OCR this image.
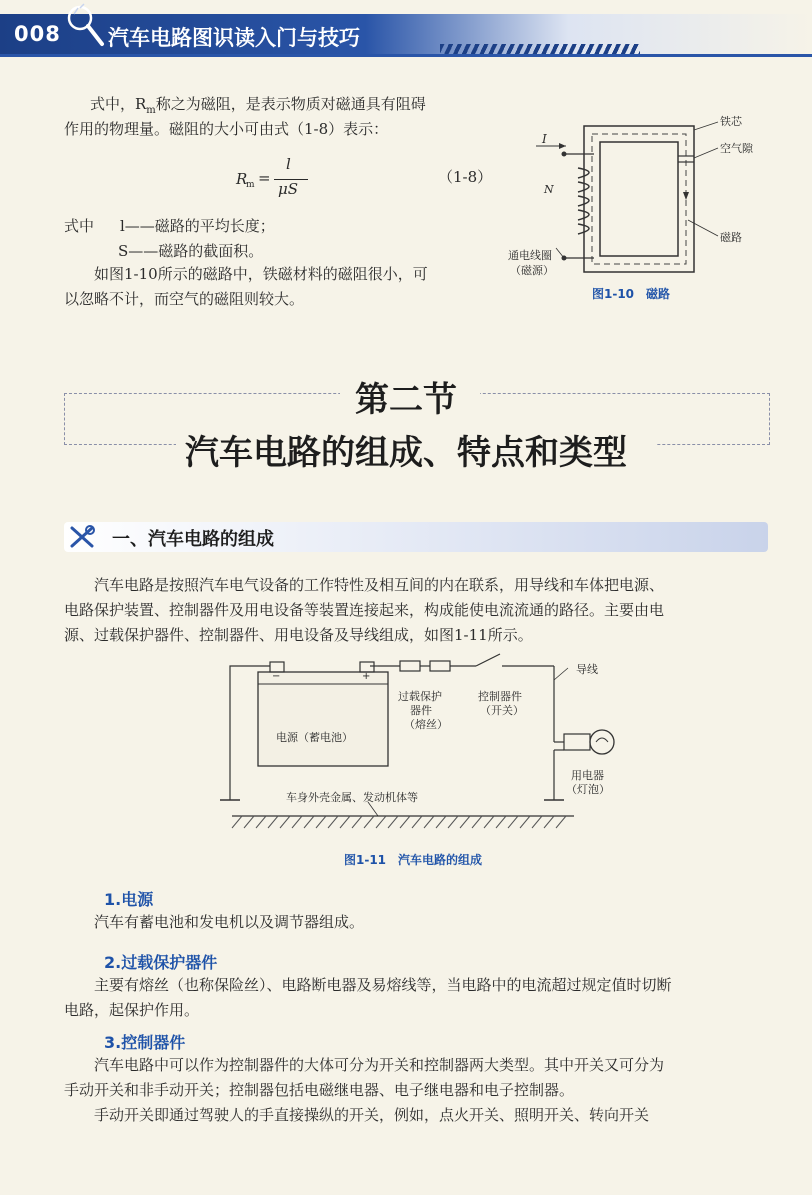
008 汽车电路图识读入门与技巧
式中，$R_m$称之为磁阻，是表示物质对磁通具有阻碍
作用的物理量。磁阻的大小可由式（1-8）表示：
R
m =
l
μS
（1-8）
式中 l——磁路的平均长度；
S——磁路的截面积。
如图1-10所示的磁路中，铁磁材料的磁阻很小，可
以忽略不计，而空气的磁阻则较大。
铁芯
空气隙
磁路
I
N
通电线圈
（磁源）
图1-10　磁路
第二节
汽车电路的组成、特点和类型
一、汽车电路的组成
汽车电路是按照汽车电气设备的工作特性及相互间的内在联系，用导线和车体把电源、
电路保护装置、控制器件及用电设备等装置连接起来，构成能使电流流通的路径。主要由电
源、过载保护器件、控制器件、用电设备及导线组成，如图1-11所示。
−	+
导线
过载保护
器件
（熔丝）
控制器件
（开关）
电源（蓄电池）
用电器
（灯泡）
车身外壳金属、发动机体等
图1-11　汽车电路的组成
1.电源
汽车有蓄电池和发电机以及调节器组成。
2.过载保护器件
主要有熔丝（也称保险丝）、电路断电器及易熔线等，当电路中的电流超过规定值时切断
电路，起保护作用。
3.控制器件
汽车电路中可以作为控制器件的大体可分为开关和控制器两大类型。其中开关又可分为
手动开关和非手动开关；控制器包括电磁继电器、电子继电器和电子控制器。
手动开关即通过驾驶人的手直接操纵的开关，例如，点火开关、照明开关、转向开关
